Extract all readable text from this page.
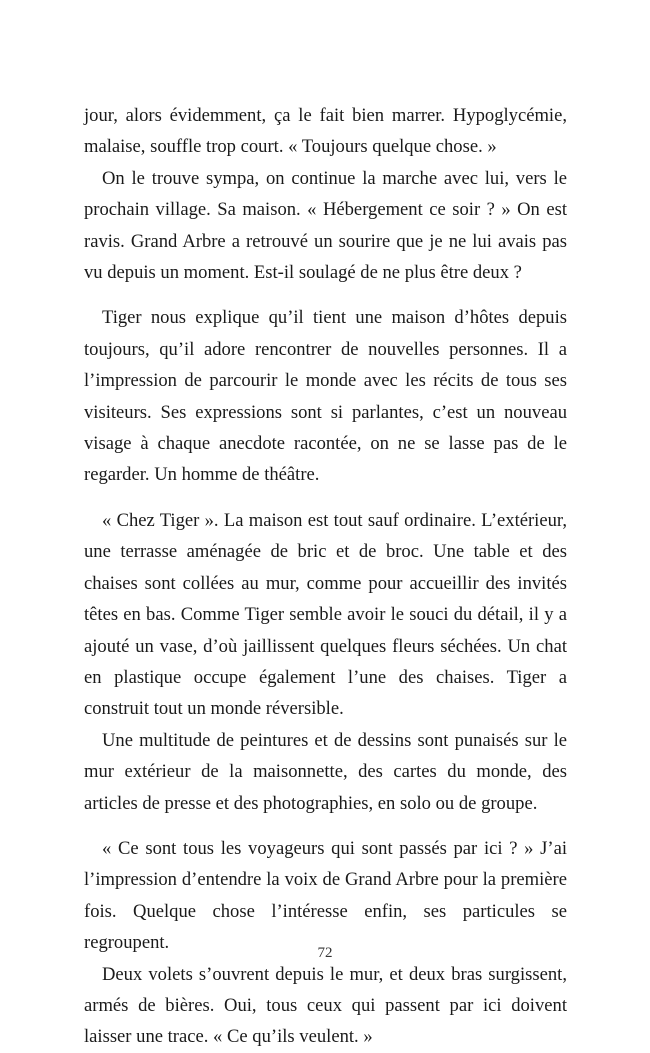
jour, alors évidemment, ça le fait bien marrer. Hypoglycémie, malaise, souffle trop court. « Toujours quelque chose. »

On le trouve sympa, on continue la marche avec lui, vers le prochain village. Sa maison. « Hébergement ce soir ? » On est ravis. Grand Arbre a retrouvé un sourire que je ne lui avais pas vu depuis un moment. Est-il soulagé de ne plus être deux ?

Tiger nous explique qu’il tient une maison d’hôtes depuis toujours, qu’il adore rencontrer de nouvelles personnes. Il a l’impression de parcourir le monde avec les récits de tous ses visiteurs. Ses expressions sont si parlantes, c’est un nouveau visage à chaque anecdote racontée, on ne se lasse pas de le regarder. Un homme de théâtre.

« Chez Tiger ». La maison est tout sauf ordinaire. L’extérieur, une terrasse aménagée de bric et de broc. Une table et des chaises sont collées au mur, comme pour accueillir des invités têtes en bas. Comme Tiger semble avoir le souci du détail, il y a ajouté un vase, d’où jaillissent quelques fleurs séchées. Un chat en plastique occupe également l’une des chaises. Tiger a construit tout un monde réversible.

Une multitude de peintures et de dessins sont punaisés sur le mur extérieur de la maisonnette, des cartes du monde, des articles de presse et des photographies, en solo ou de groupe.

« Ce sont tous les voyageurs qui sont passés par ici ? » J’ai l’impression d’entendre la voix de Grand Arbre pour la première fois. Quelque chose l’intéresse enfin, ses particules se regroupent.

Deux volets s’ouvrent depuis le mur, et deux bras surgissent, armés de bières. Oui, tous ceux qui passent par ici doivent laisser une trace. « Ce qu’ils veulent. »

72
